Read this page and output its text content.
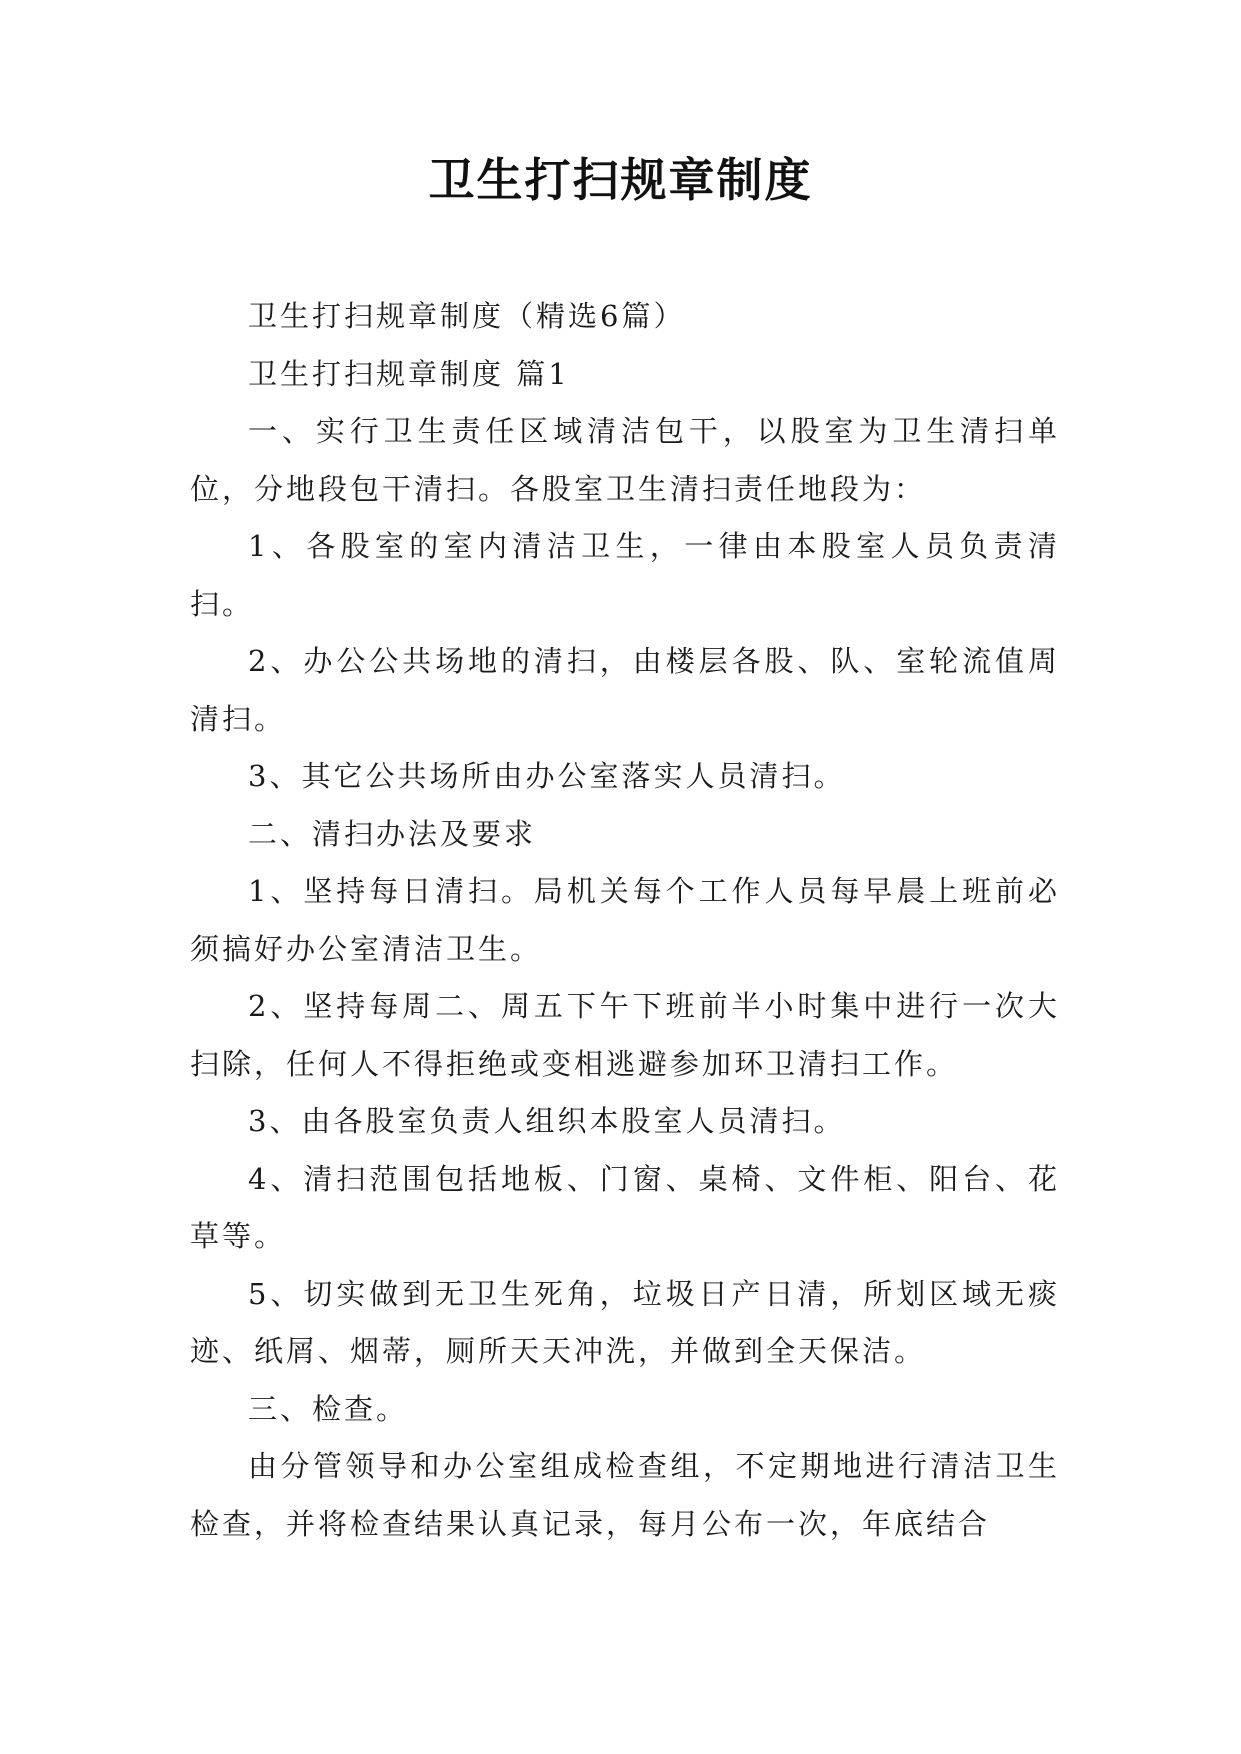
卫生打扫规章制度

卫生打扫规章制度（精选6篇）

卫生打扫规章制度 篇1

一、实行卫生责任区域清洁包干，以股室为卫生清扫单位，分地段包干清扫。各股室卫生清扫责任地段为：

1、各股室的室内清洁卫生，一律由本股室人员负责清扫。

2、办公公共场地的清扫，由楼层各股、队、室轮流值周清扫。

3、其它公共场所由办公室落实人员清扫。

二、清扫办法及要求

1、坚持每日清扫。局机关每个工作人员每早晨上班前必须搞好办公室清洁卫生。

2、坚持每周二、周五下午下班前半小时集中进行一次大扫除，任何人不得拒绝或变相逃避参加环卫清扫工作。

3、由各股室负责人组织本股室人员清扫。

4、清扫范围包括地板、门窗、桌椅、文件柜、阳台、花草等。

5、切实做到无卫生死角，垃圾日产日清，所划区域无痰迹、纸屑、烟蒂，厕所天天冲洗，并做到全天保洁。

三、检查。

由分管领导和办公室组成检查组，不定期地进行清洁卫生检查，并将检查结果认真记录，每月公布一次，年底结合
